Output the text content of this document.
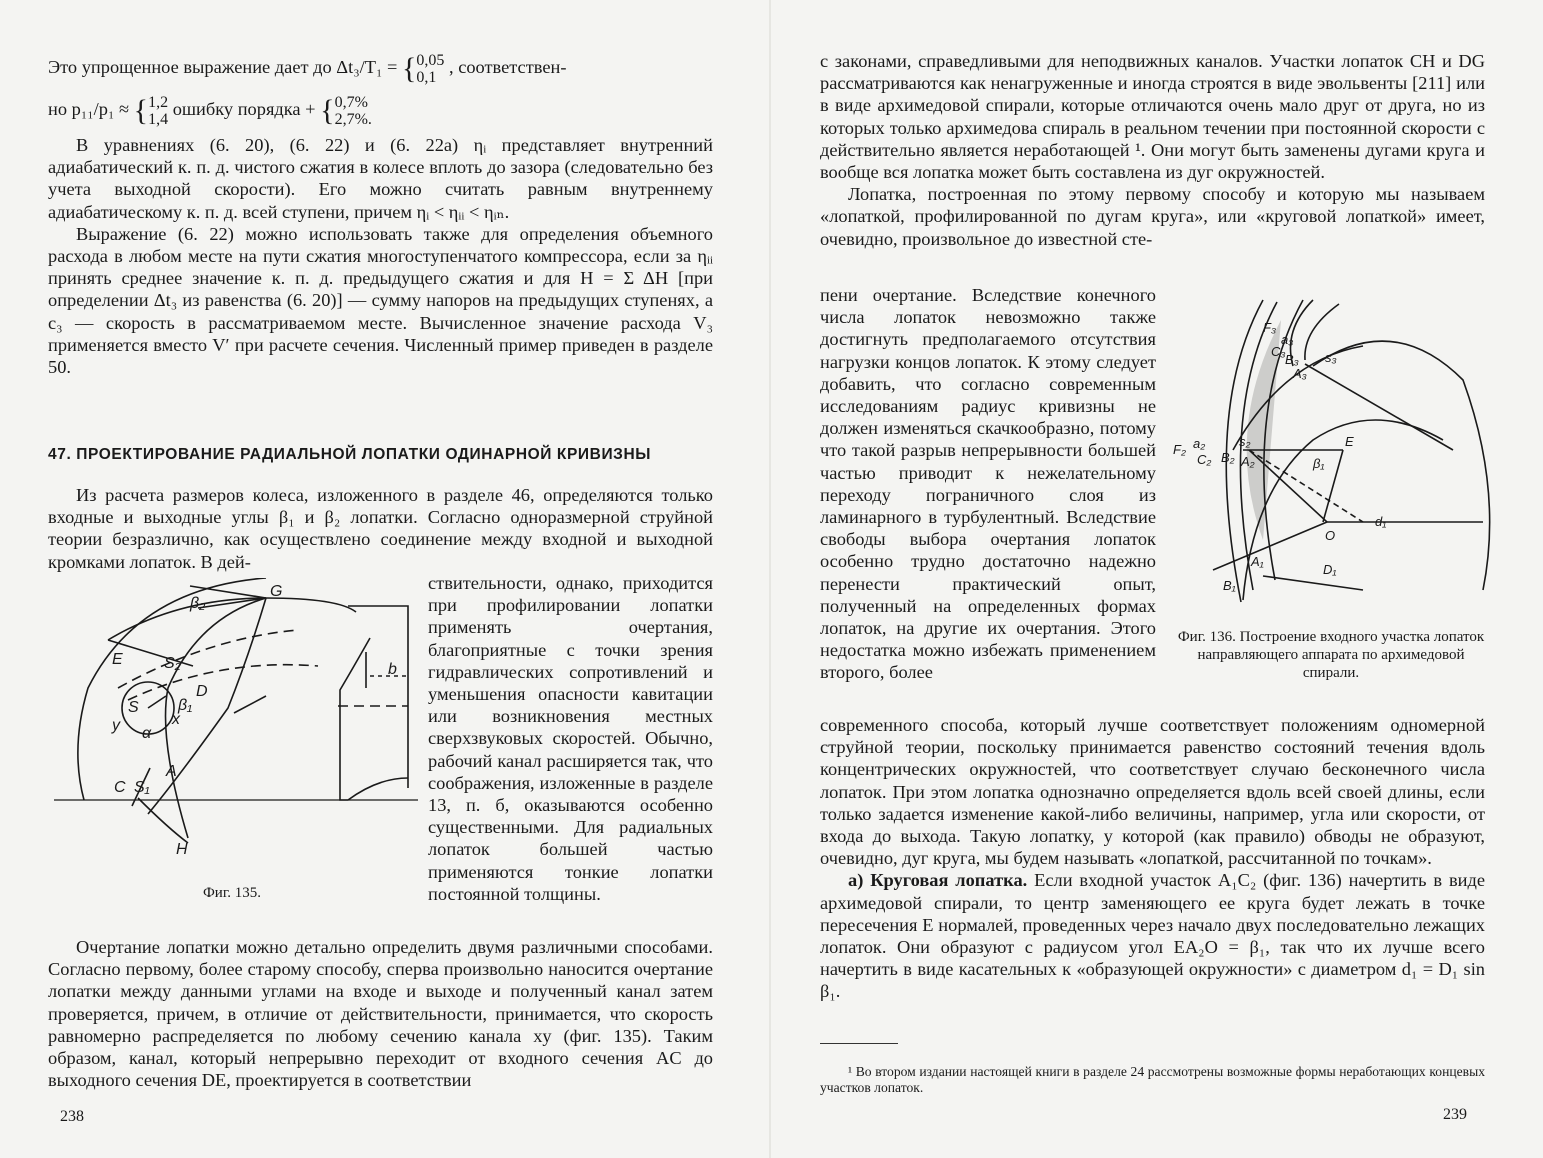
Это упрощенное выражение дает до Δt₃/T₁ = { 0,05
0,1
, соответствен-
но p₁₁/p₁ ≈ { 1,2
1,4
ошибку порядка + { 0,7%
2,7%.

В уравнениях (6. 20), (6. 22) и (6. 22а) ηᵢ представляет внутренний адиабатический к. п. д. чистого сжатия в колесе вплоть до зазора (следовательно без учета выходной скорости). Его можно считать равным внутреннему адиабатическому к. п. д. всей ступени, причем ηᵢ < ηᵢᵢ < ηᵢₙ.

Выражение (6. 22) можно использовать также для определения объемного расхода в любом месте на пути сжатия многоступенчатого компрессора, если за ηᵢᵢ принять среднее значение к. п. д. предыдущего сжатия и для H = Σ ΔH [при определении Δt₃ из равенства (6. 20)] — сумму напоров на предыдущих ступенях, а c₃ — скорость в рассматриваемом месте. Вычисленное значение расхода V₃ применяется вместо V′ при расчете сечения. Численный пример приведен в разделе 50.

47. ПРОЕКТИРОВАНИЕ РАДИАЛЬНОЙ ЛОПАТКИ ОДИНАРНОЙ КРИВИЗНЫ

Из расчета размеров колеса, изложенного в разделе 46, определяются только входные и выходные углы β₁ и β₂ лопатки. Согласно одноразмерной струйной теории безразлично, как осуществлено соединение между входной и выходной кромками лопаток. В дей-

ствительности, однако, приходится при профилировании лопатки применять очертания, благоприятные с точки зрения гидравлических сопротивлений и уменьшения опасности кавитации или возникновения местных сверхзвуковых скоростей. Обычно, рабочий канал расширяется так, что соображения, изложенные в разделе 13, п. б, оказываются особенно существенными. Для радиальных лопаток большей частью применяются тонкие лопатки постоянной толщины.

G
β₂
E	S₂
D
b
β₁
S
y α
x
A
C S₁
H
Фиг. 135.

Очертание лопатки можно детально определить двумя различными способами. Согласно первому, более старому способу, сперва произвольно наносится очертание лопатки между данными углами на входе и выходе и полученный канал затем проверяется, причем, в отличие от действительности, принимается, что скорость равномерно распределяется по любому сечению канала xy (фиг. 135). Таким образом, канал, который непрерывно переходит от входного сечения AC до выходного сечения DE, проектируется в соответствии

238

с законами, справедливыми для неподвижных каналов. Участки лопаток CH и DG рассматриваются как ненагруженные и иногда строятся в виде эвольвенты [211] или в виде архимедовой спирали, которые отличаются очень мало друг от друга, но из которых только архимедова спираль в реальном течении при постоянной скорости c действительно является неработающей ¹. Они могут быть заменены дугами круга и вообще вся лопатка может быть составлена из дуг окружностей.

Лопатка, построенная по этому первому способу и которую мы называем «лопаткой, профилированной по дугам круга», или «круговой лопаткой» имеет, очевидно, произвольное до известной сте-

пени очертание. Вследствие конечного числа лопаток невозможно также достигнуть предполагаемого отсутствия нагрузки концов лопаток. К этому следует добавить, что согласно современным исследованиям радиус кривизны не должен изменяться скачкообразно, потому что такой разрыв непрерывности большей частью приводит к нежелательному переходу пограничного слоя из ламинарного в турбулентный. Вследствие свободы выбора очертания лопаток особенно трудно достаточно надежно перенести практический опыт, полученный на определенных формах лопаток, на другие их очертания. Этого недостатка можно избежать применением второго, более

F₃
a₃
C₃
B₃
A₃
s₃
F₂ a₂	s₂
C₂ B₂ A₂
E
β₁
O
d₁
A₁
B₁
D₁
Фиг. 136. Построение входного участка лопаток направляющего аппарата по архимедовой спирали.

современного способа, который лучше соответствует положениям одномерной струйной теории, поскольку принимается равенство состояний течения вдоль концентрических окружностей, что соответствует случаю бесконечного числа лопаток. При этом лопатка однозначно определяется вдоль всей своей длины, если только задается изменение какой-либо величины, например, угла или скорости, от входа до выхода. Такую лопатку, у которой (как правило) обводы не образуют, очевидно, дуг круга, мы будем называть «лопаткой, рассчитанной по точкам».

а) Круговая лопатка. Если входной участок A₁C₂ (фиг. 136) начертить в виде архимедовой спирали, то центр заменяющего ее круга будет лежать в точке пересечения E нормалей, проведенных через начало двух последовательно лежащих лопаток. Они образуют с радиусом угол EA₂O = β₁, так что их лучше всего начертить в виде касательных к «образующей окружности» с диаметром d₁ = D₁ sin β₁.

¹ Во втором издании настоящей книги в разделе 24 рассмотрены возможные формы неработающих концевых участков лопаток.

239
